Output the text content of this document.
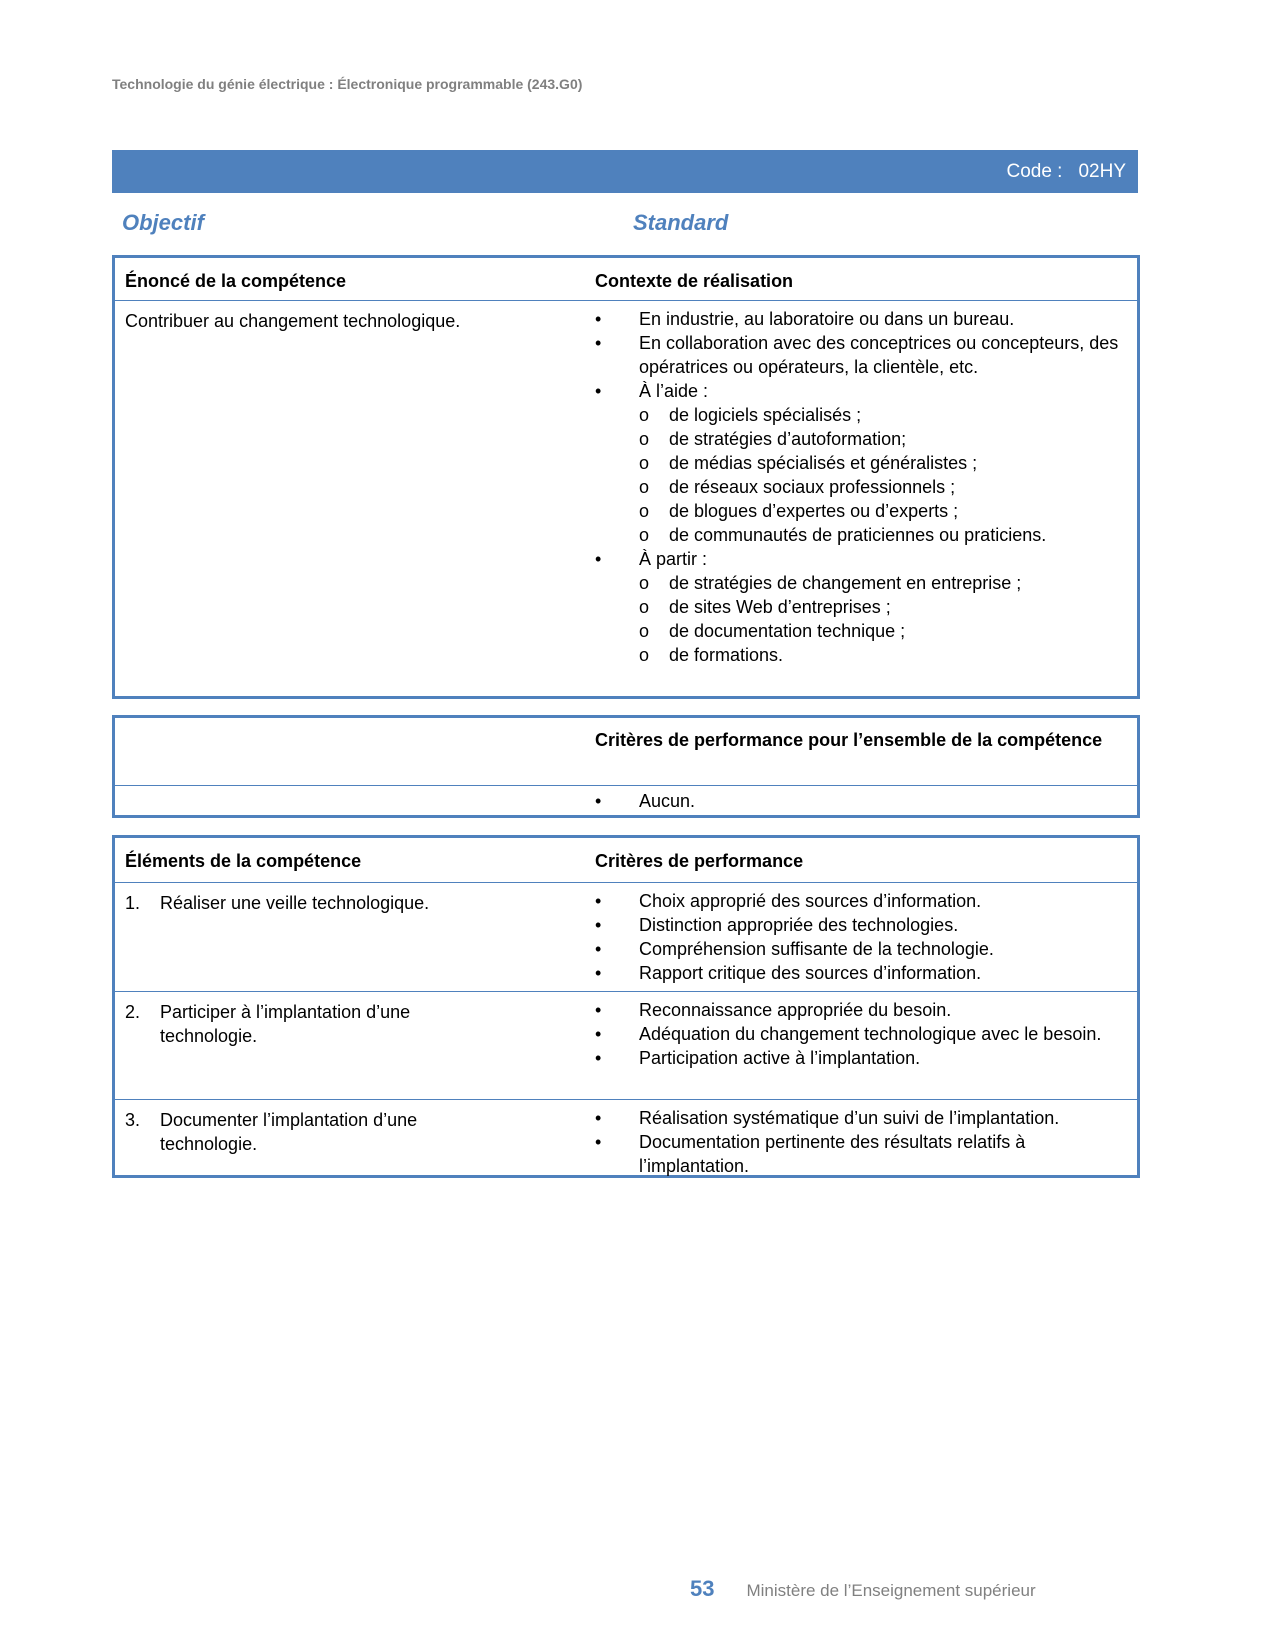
Technologie du génie électrique : Électronique programmable (243.G0)
Code : 02HY
Objectif	Standard
Énoncé de la compétence	Contexte de réalisation
Contribuer au changement technologique.	• En industrie, au laboratoire ou dans un bureau.
• En collaboration avec des conceptrices ou concepteurs, des opératrices ou opérateurs, la clientèle, etc.
• À l’aide :
o de logiciels spécialisés ;
o de stratégies d’autoformation;
o de médias spécialisés et généralistes ;
o de réseaux sociaux professionnels ;
o de blogues d’expertes ou d’experts ;
o de communautés de praticiennes ou praticiens.
• À partir :
o de stratégies de changement en entreprise ;
o de sites Web d’entreprises ;
o de documentation technique ;
o de formations.
Critères de performance pour l’ensemble de la compétence
• Aucun.
Éléments de la compétence	Critères de performance
1. Réaliser une veille technologique.	• Choix approprié des sources d’information.
• Distinction appropriée des technologies.
• Compréhension suffisante de la technologie.
• Rapport critique des sources d’information.
2. Participer à l’implantation d’une technologie.
• Reconnaissance appropriée du besoin.
• Adéquation du changement technologique avec le besoin.
• Participation active à l’implantation.
3. Documenter l’implantation d’une technologie.
• Réalisation systématique d’un suivi de l’implantation.
• Documentation pertinente des résultats relatifs à l’implantation.
53 Ministère de l’Enseignement supérieur
